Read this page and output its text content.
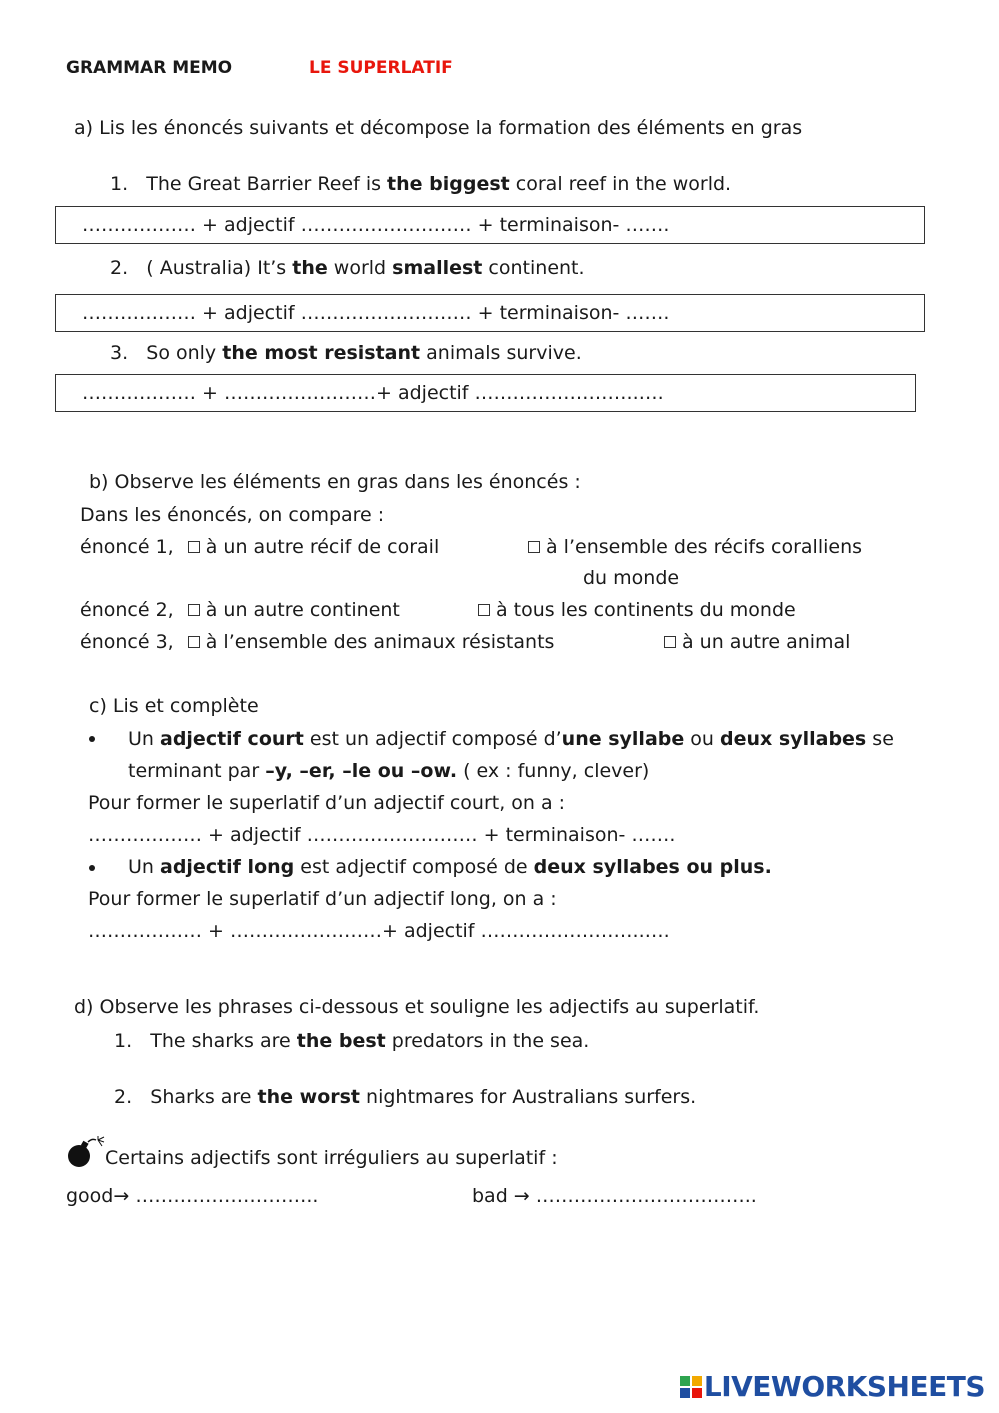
GRAMMAR MEMO	LE SUPERLATIF
a) Lis les énoncés suivants et décompose la formation des éléments en gras
1. The Great Barrier Reef is the biggest coral reef in the world.
……………… + adjectif ……………………… + terminaison- …….
2. ( Australia) It’s the world smallest continent.
……………… + adjectif ……………………… + terminaison- …….
3. So only the most resistant animals survive.
……………… + ……………………+ adjectif ……………………..….
b) Observe les éléments en gras dans les énoncés :
Dans les énoncés, on compare :
énoncé 1, à un autre récif de corail	à l’ensemble des récifs coralliens
du monde
énoncé 2, à un autre continent	à tous les continents du monde
énoncé 3, à l’ensemble des animaux résistants	à un autre animal
c) Lis et complète
Un adjectif court est un adjectif composé d’une syllabe ou deux syllabes se
terminant par –y, –er, –le ou –ow. ( ex : funny, clever)
Pour former le superlatif d’un adjectif court, on a :
……………… + adjectif ……………………… + terminaison- …….
Un adjectif long est adjectif composé de deux syllabes ou plus.
Pour former le superlatif d’un adjectif long, on a :
……………… + ……………………+ adjectif ……………………..….
d) Observe les phrases ci-dessous et souligne les adjectifs au superlatif.
1. The sharks are the best predators in the sea.
2. Sharks are the worst nightmares for Australians surfers.
Certains adjectifs sont irréguliers au superlatif :
good→ ………………………..	bad → ……………………………..
LIVEWORKSHEETS
